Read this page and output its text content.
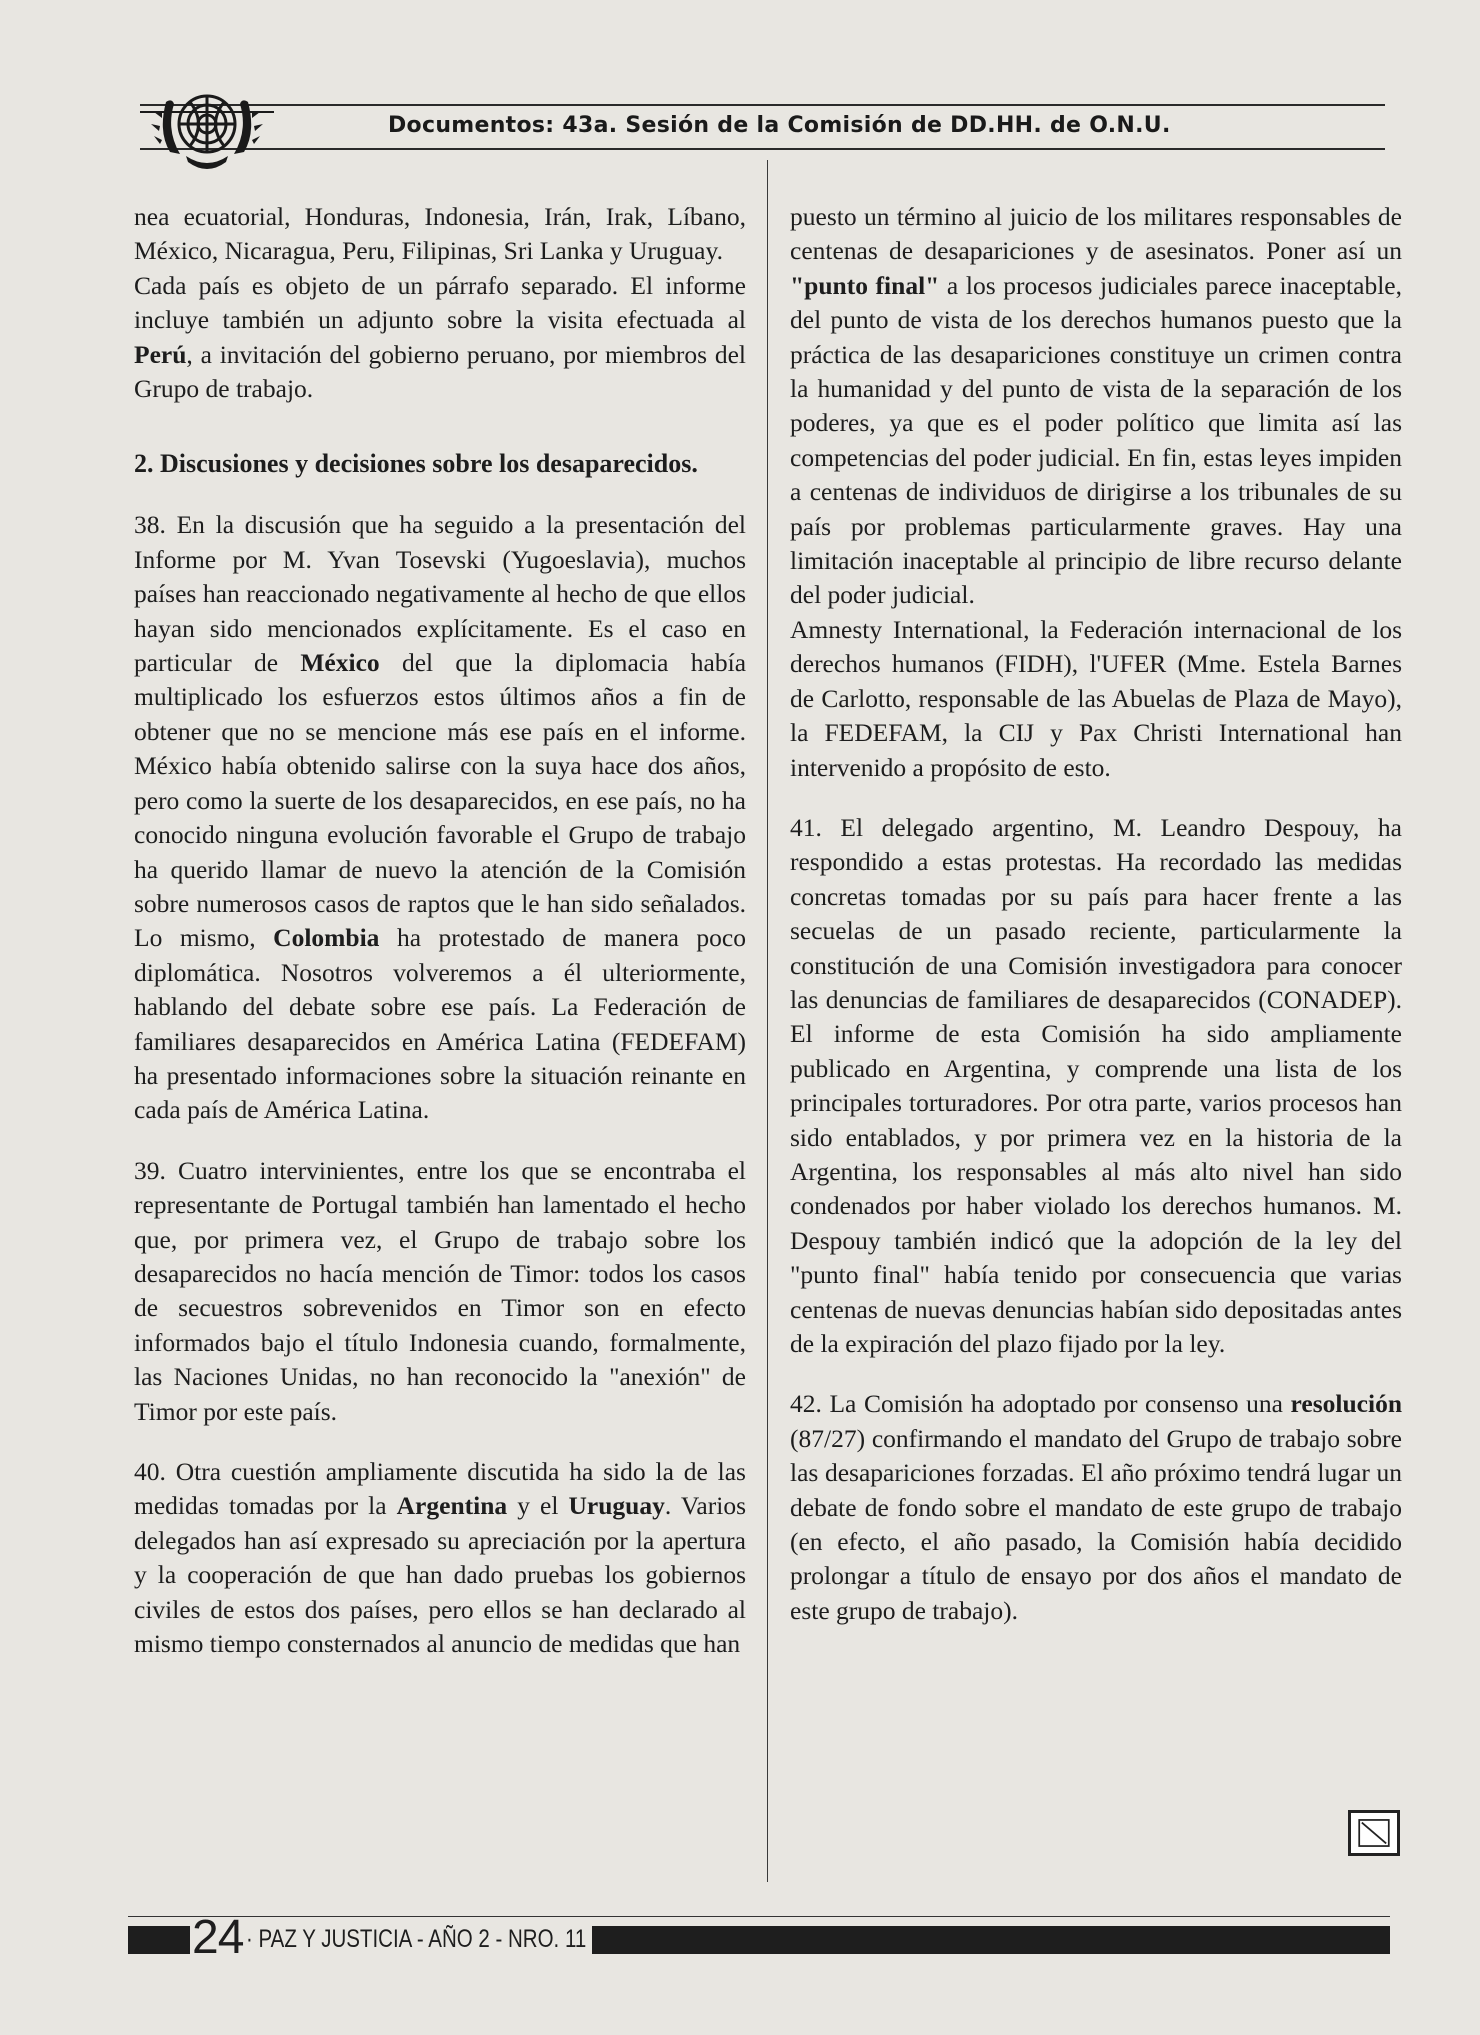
Documentos: 43a. Sesión de la Comisión de DD.HH. de O.N.U.

nea ecuatorial, Honduras, Indonesia, Irán, Irak, Líbano, México, Nicaragua, Peru, Filipinas, Sri Lanka y Uruguay.

Cada país es objeto de un párrafo separado. El informe incluye también un adjunto sobre la visita efectuada al Perú, a invitación del gobierno peruano, por miembros del Grupo de trabajo.

2. Discusiones y decisiones sobre los desaparecidos.

38. En la discusión que ha seguido a la presentación del Informe por M. Yvan Tosevski (Yugoeslavia), muchos países han reaccionado negativamente al hecho de que ellos hayan sido mencionados explícitamente. Es el caso en particular de México del que la diplomacia había multiplicado los esfuerzos estos últimos años a fin de obtener que no se mencione más ese país en el informe. México había obtenido salirse con la suya hace dos años, pero como la suerte de los desaparecidos, en ese país, no ha conocido ninguna evolución favorable el Grupo de trabajo ha querido llamar de nuevo la atención de la Comisión sobre numerosos casos de raptos que le han sido señalados. Lo mismo, Colombia ha protestado de manera poco diplomática. Nosotros volveremos a él ulteriormente, hablando del debate sobre ese país. La Federación de familiares desaparecidos en América Latina (FEDEFAM) ha presentado informaciones sobre la situación reinante en cada país de América Latina.

39. Cuatro intervinientes, entre los que se encontraba el representante de Portugal también han lamentado el hecho que, por primera vez, el Grupo de trabajo sobre los desaparecidos no hacía mención de Timor: todos los casos de secuestros sobrevenidos en Timor son en efecto informados bajo el título Indonesia cuando, formalmente, las Naciones Unidas, no han reconocido la "anexión" de Timor por este país.

40. Otra cuestión ampliamente discutida ha sido la de las medidas tomadas por la Argentina y el Uruguay. Varios delegados han así expresado su apreciación por la apertura y la cooperación de que han dado pruebas los gobiernos civiles de estos dos países, pero ellos se han declarado al mismo tiempo consternados al anuncio de medidas que han

puesto un término al juicio de los militares responsables de centenas de desapariciones y de asesinatos. Poner así un "punto final" a los procesos judiciales parece inaceptable, del punto de vista de los derechos humanos puesto que la práctica de las desapariciones constituye un crimen contra la humanidad y del punto de vista de la separación de los poderes, ya que es el poder político que limita así las competencias del poder judicial. En fin, estas leyes impiden a centenas de individuos de dirigirse a los tribunales de su país por problemas particularmente graves. Hay una limitación inaceptable al principio de libre recurso delante del poder judicial.

Amnesty International, la Federación internacional de los derechos humanos (FIDH), l'UFER (Mme. Estela Barnes de Carlotto, responsable de las Abuelas de Plaza de Mayo), la FEDEFAM, la CIJ y Pax Christi International han intervenido a propósito de esto.

41. El delegado argentino, M. Leandro Despouy, ha respondido a estas protestas. Ha recordado las medidas concretas tomadas por su país para hacer frente a las secuelas de un pasado reciente, particularmente la constitución de una Comisión investigadora para conocer las denuncias de familiares de desaparecidos (CONADEP). El informe de esta Comisión ha sido ampliamente publicado en Argentina, y comprende una lista de los principales torturadores. Por otra parte, varios procesos han sido entablados, y por primera vez en la historia de la Argentina, los responsables al más alto nivel han sido condenados por haber violado los derechos humanos. M. Despouy también indicó que la adopción de la ley del "punto final" había tenido por consecuencia que varias centenas de nuevas denuncias habían sido depositadas antes de la expiración del plazo fijado por la ley.

42. La Comisión ha adoptado por consenso una resolución (87/27) confirmando el mandato del Grupo de trabajo sobre las desapariciones forzadas. El año próximo tendrá lugar un debate de fondo sobre el mandato de este grupo de trabajo (en efecto, el año pasado, la Comisión había decidido prolongar a título de ensayo por dos años el mandato de este grupo de trabajo).

24 · PAZ Y JUSTICIA - AÑO 2 - NRO. 11
